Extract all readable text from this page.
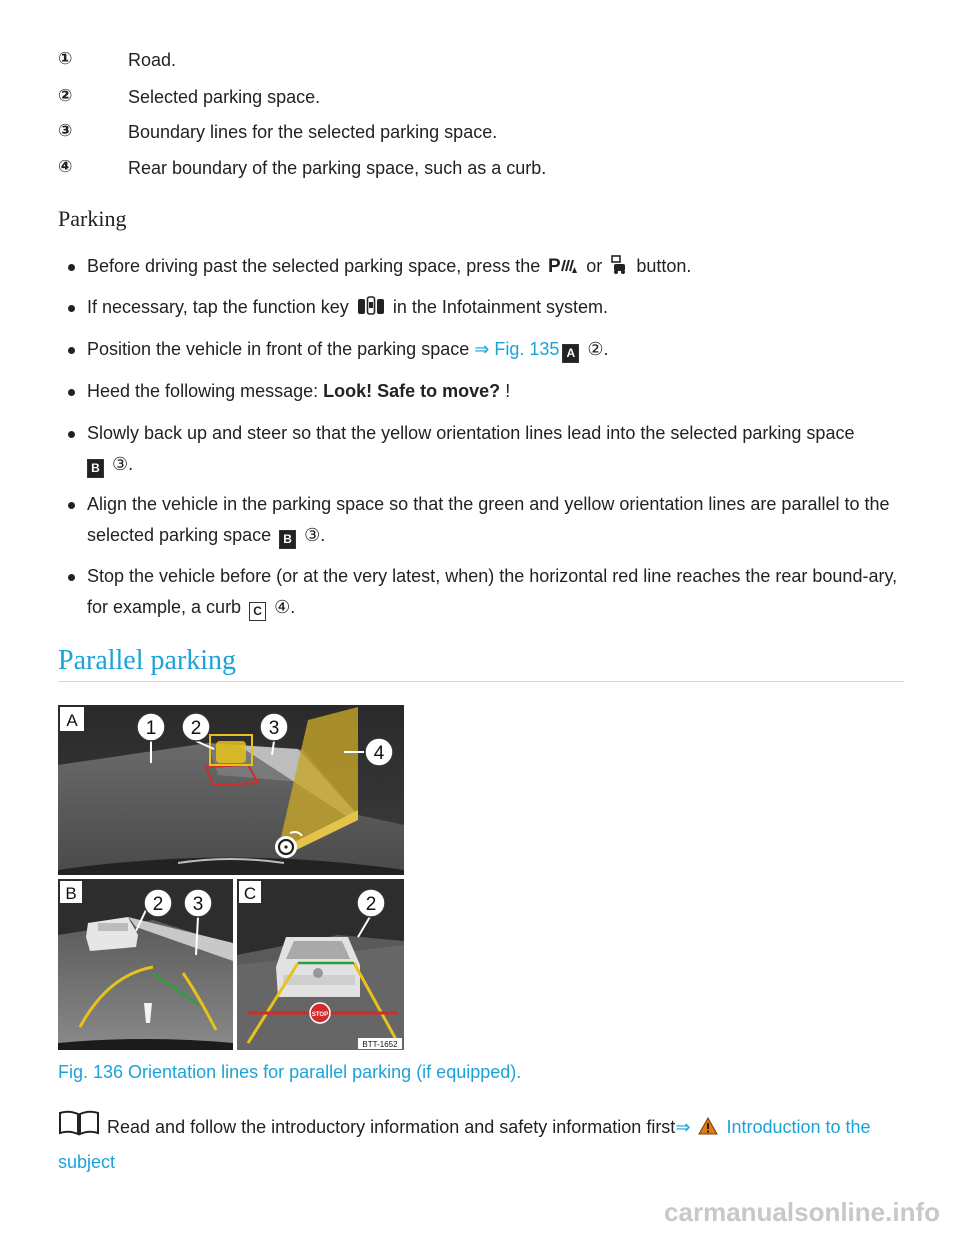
①	Road.
②	Selected parking space.
③	Boundary lines for the selected parking space.
④	Rear boundary of the parking space, such as a curb.
Parking
Before driving past the selected parking space, press the P or button.
If necessary, tap the function key in the Infotainment system.
Position the vehicle in front of the parking space ⇒ Fig. 135 A ②.
Heed the following message: Look! Safe to move? !
Slowly back up and steer so that the yellow orientation lines lead into the selected parking space
B ③.
Align the vehicle in the parking space so that the green and yellow orientation lines are parallel to the selected parking space B ③.
Stop the vehicle before (or at the very latest, when) the horizontal red line reaches the rear bound-ary, for example, a curb C ④.
Parallel parking
A	1 2	3
4
B
2 3
STOP
C
2
BTT-1652
Fig. 136 Orientation lines for parallel parking (if equipped).
Read and follow the introductory information and safety information first⇒ Introduction to the subject
carmanualsonline.info
